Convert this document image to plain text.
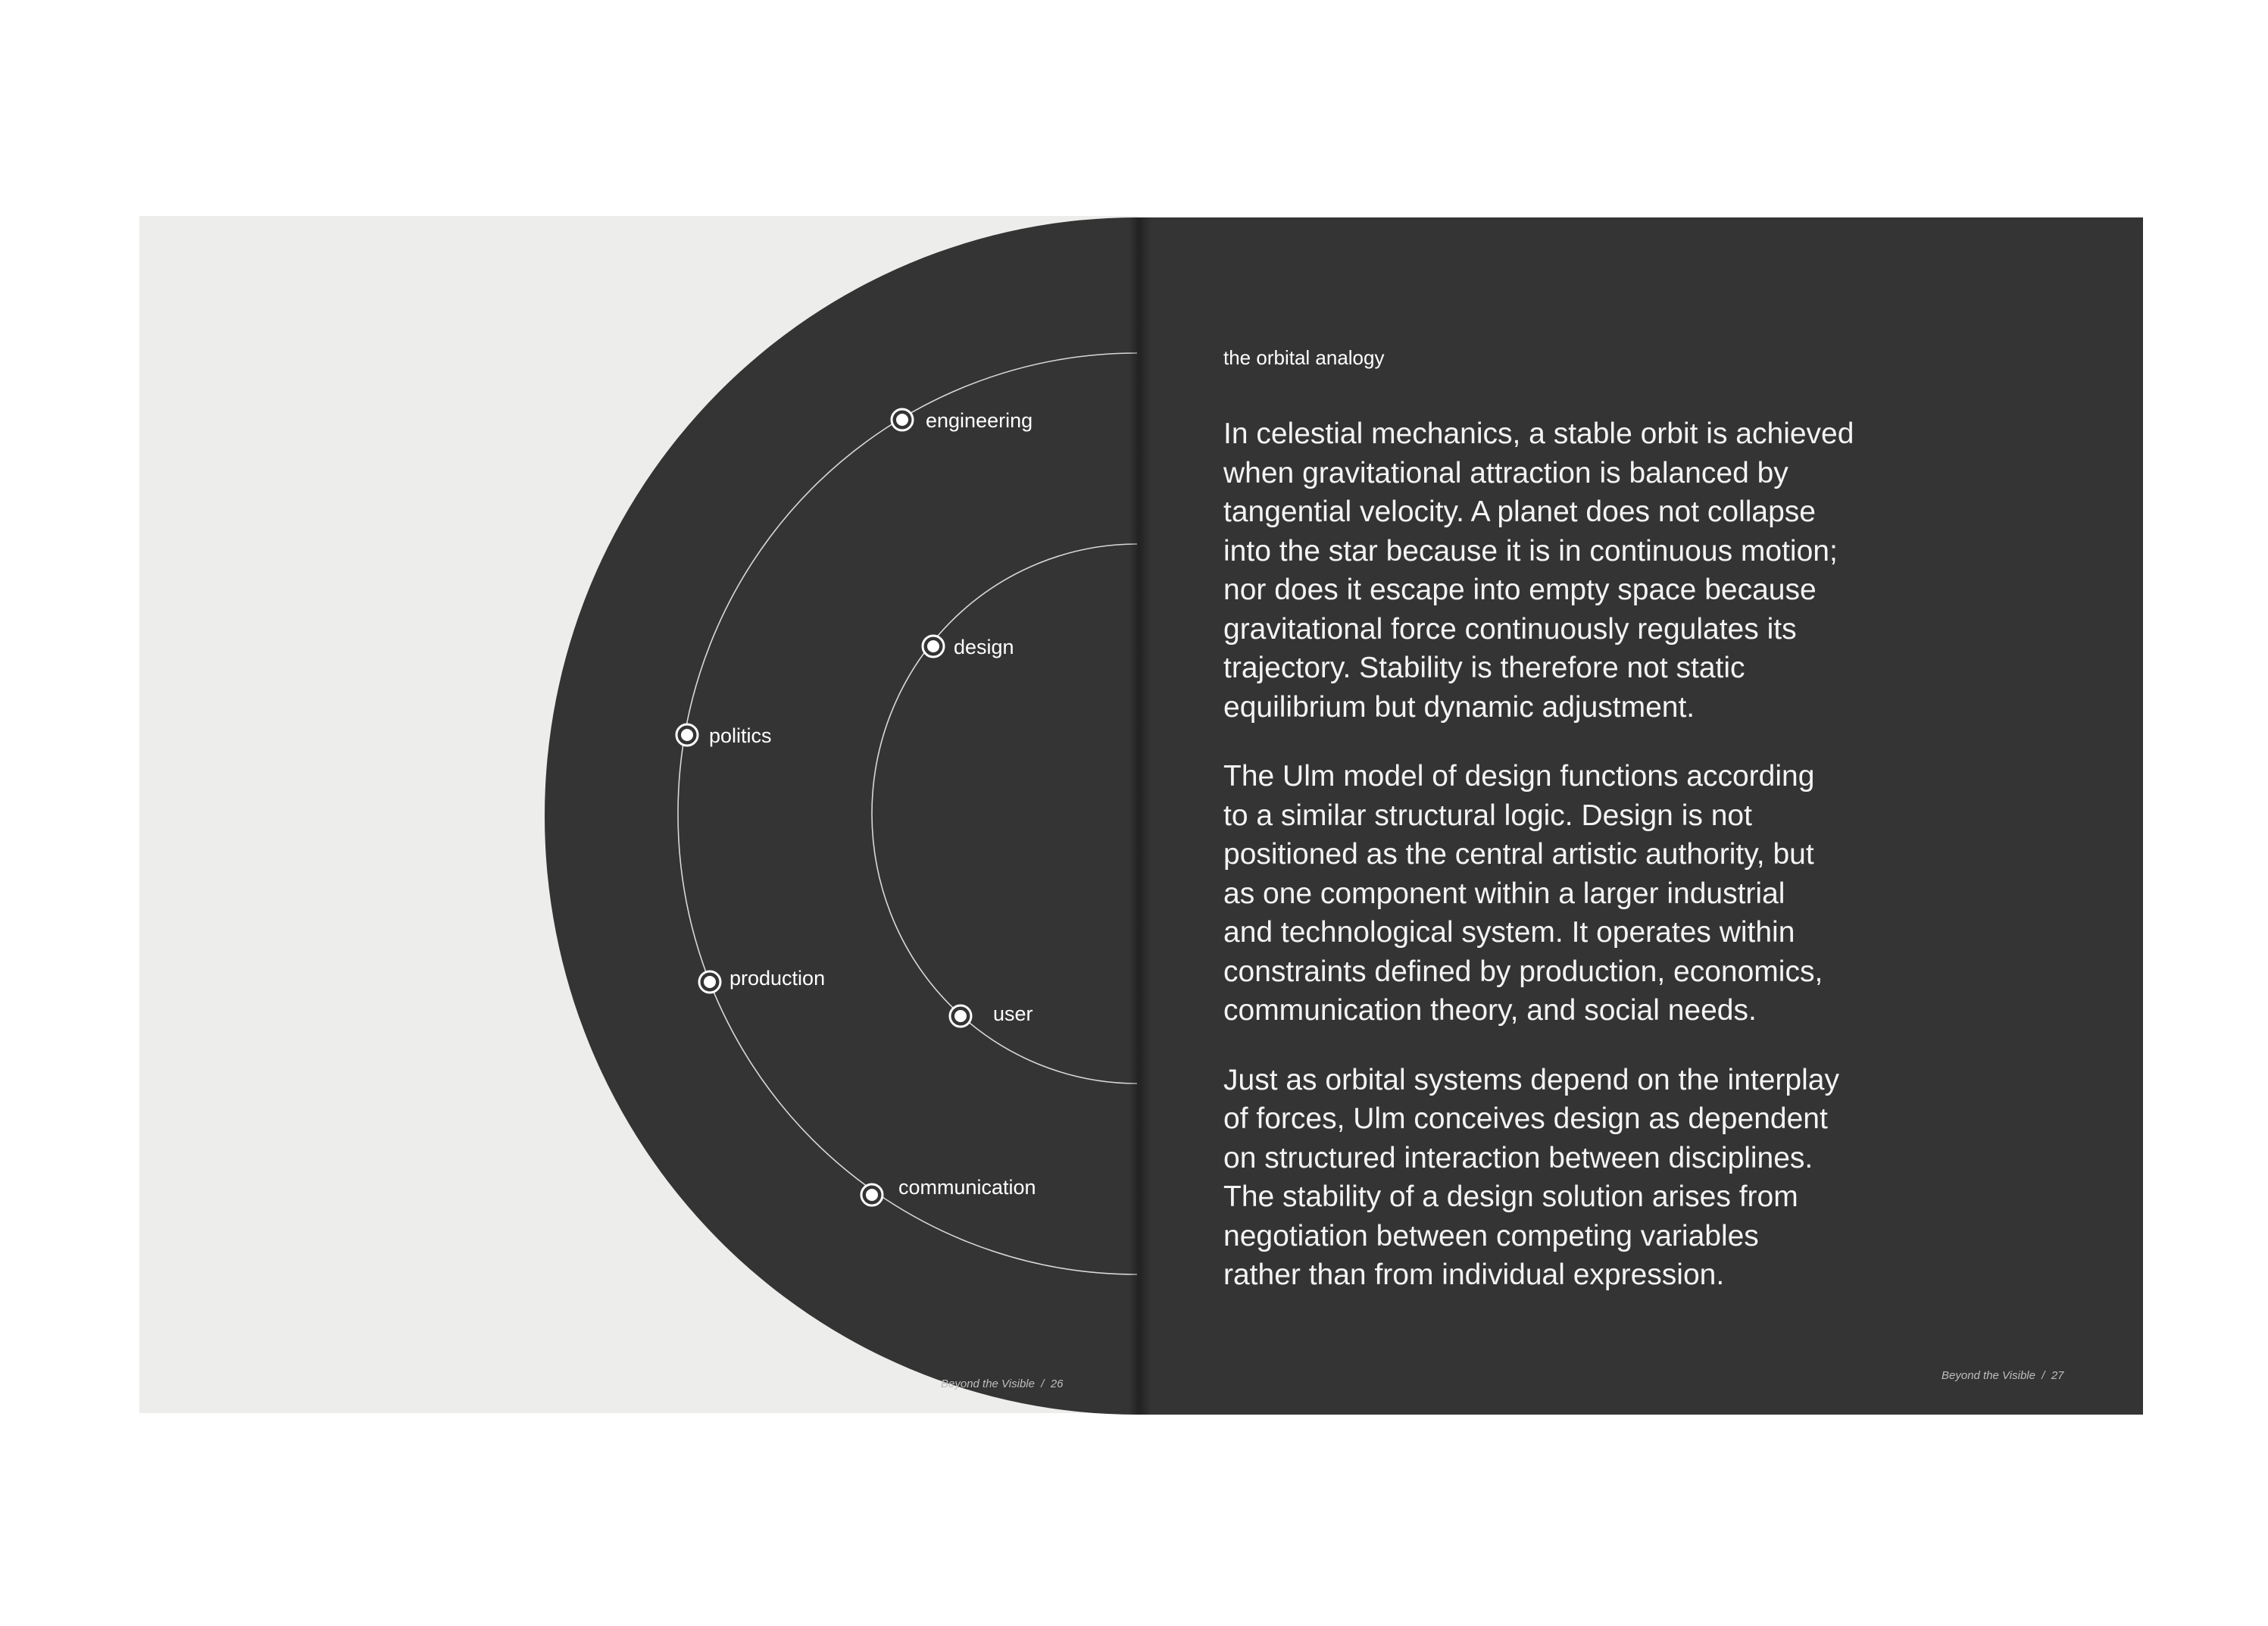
the orbital analogy

In celestial mechanics, a stable orbit is achieved
when gravitational attraction is balanced by
tangential velocity. A planet does not collapse
into the star because it is in continuous motion;
nor does it escape into empty space because
gravitational force continuously regulates its
trajectory. Stability is therefore not static
equilibrium but dynamic adjustment.

The Ulm model of design functions according
to a similar structural logic. Design is not
positioned as the central artistic authority, but
as one component within a larger industrial
and technological system. It operates within
constraints defined by production, economics,
communication theory, and social needs.

Just as orbital systems depend on the interplay
of forces, Ulm conceives design as dependent
on structured interaction between disciplines.
The stability of a design solution arises from
negotiation between competing variables
rather than from individual expression.

Beyond the Visible  /  27
engineering
politics
production
communication
design
user
Beyond the Visible  /  26
